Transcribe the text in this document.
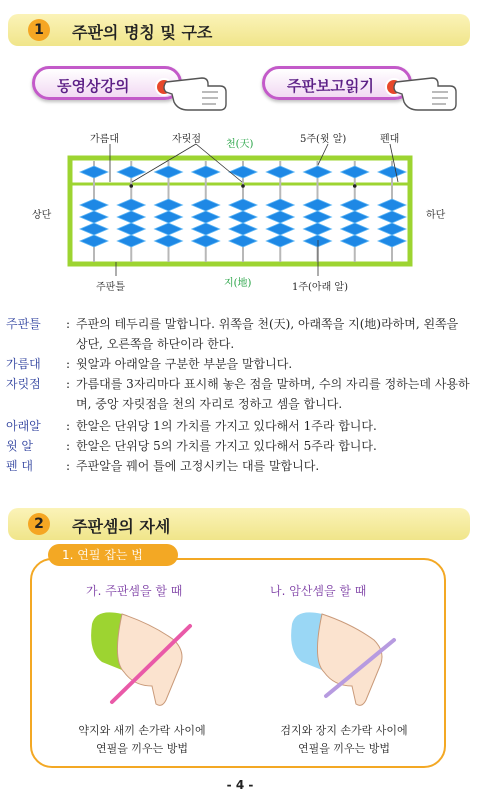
1	주판의 명칭 및 구조
동영상강의	주판보고읽기
가름대	자릿점	천(天)	5주(윗 알)	펜대
상단	하단
주판틀	지(地)	1주(아래 알)
주판틀	: 주판의 테두리를 말합니다. 위쪽을 천(天), 아래쪽을 지(地)라하며, 왼쪽을 상단, 오른쪽을 하단이라 한다.
가름대	: 윗알과 아래알을 구분한 부분을 말합니다.
자릿점	: 가름대를 3자리마다 표시해 놓은 점을 말하며, 수의 자리를 정하는데 사용하며, 중앙 자릿점을 천의 자리로 정하고 셈을 합니다.
아래알	: 한알은 단위당 1의 가치를 가지고 있다해서 1주라 합니다.
윗 알	: 한알은 단위당 5의 가치를 가지고 있다해서 5주라 합니다.
펜 대	: 주판알을 꿰어 틀에 고정시키는 대를 말합니다.
2	주판셈의 자세
1. 연필 잡는 법
가. 주판셈을 할 때	나. 암산셈을 할 때
약지와 새끼 손가락 사이에
연필을 끼우는 방법
검지와 장지 손가락 사이에
연필을 끼우는 방법
- 4 -
